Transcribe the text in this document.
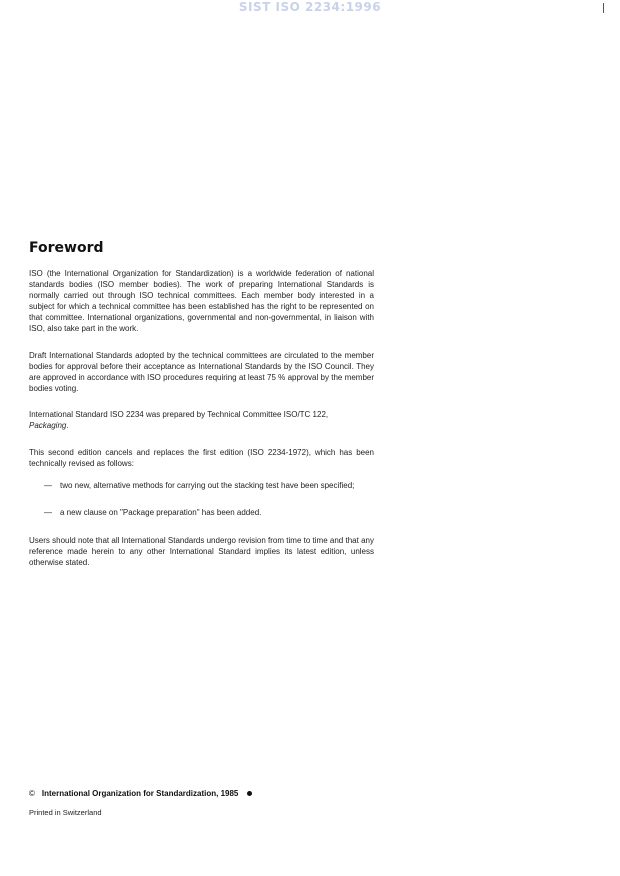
SIST ISO 2234:1996
Foreword
ISO (the International Organization for Standardization) is a worldwide federation of national standards bodies (ISO member bodies). The work of preparing International Standards is normally carried out through ISO technical committees. Each member body interested in a subject for which a technical committee has been established has the right to be represented on that committee. International organizations, governmental and non-governmental, in liaison with ISO, also take part in the work.
Draft International Standards adopted by the technical committees are circulated to the member bodies for approval before their acceptance as International Standards by the ISO Council. They are approved in accordance with ISO procedures requiring at least 75 % approval by the member bodies voting.
International Standard ISO 2234 was prepared by Technical Committee ISO/TC 122,
Packaging.
This second edition cancels and replaces the first edition (ISO 2234-1972), which has been technically revised as follows:
— two new, alternative methods for carrying out the stacking test have been specified;
— a new clause on "Package preparation" has been added.
Users should note that all International Standards undergo revision from time to time and that any reference made herein to any other International Standard implies its latest edition, unless otherwise stated.
© International Organization for Standardization, 1985
Printed in Switzerland
